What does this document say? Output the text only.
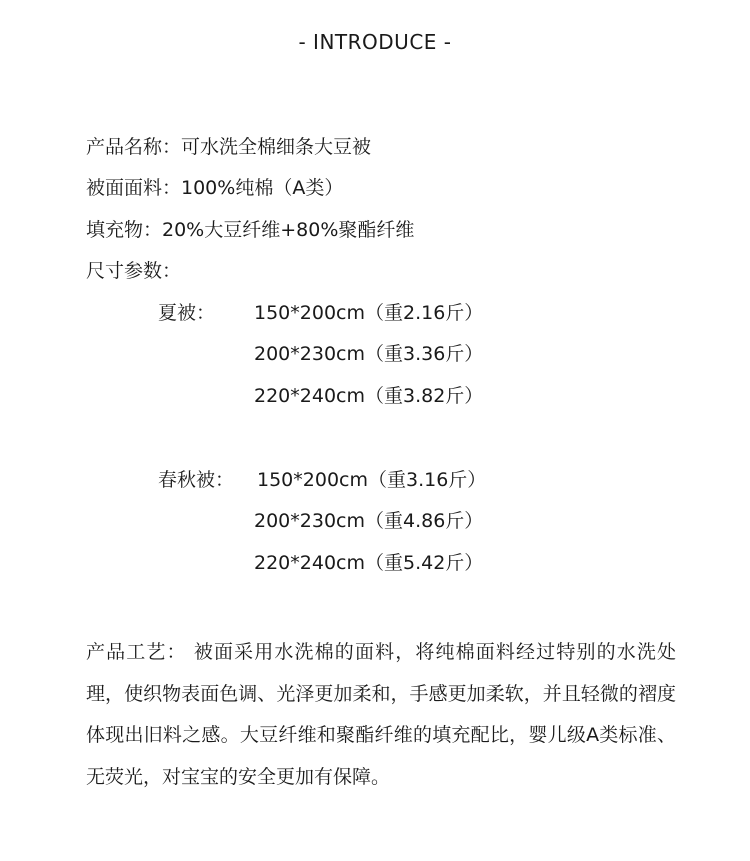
- INTRODUCE -
产品名称：可水洗全棉细条大豆被
被面面料：100%纯棉（A类）
填充物：20%大豆纤维+80%聚酯纤维
尺寸参数：
夏被： 150*200cm（重2.16斤）
200*230cm（重3.36斤）
220*240cm（重3.82斤）
春秋被： 150*200cm（重3.16斤）
200*230cm（重4.86斤）
220*240cm（重5.42斤）
产品工艺： 被面采用水洗棉的面料，将纯棉面料经过特别的水洗处理，使织物表面色调、光泽更加柔和，手感更加柔软，并且轻微的褶度体现出旧料之感。大豆纤维和聚酯纤维的填充配比，婴儿级A类标准、无荧光，对宝宝的安全更加有保障。
